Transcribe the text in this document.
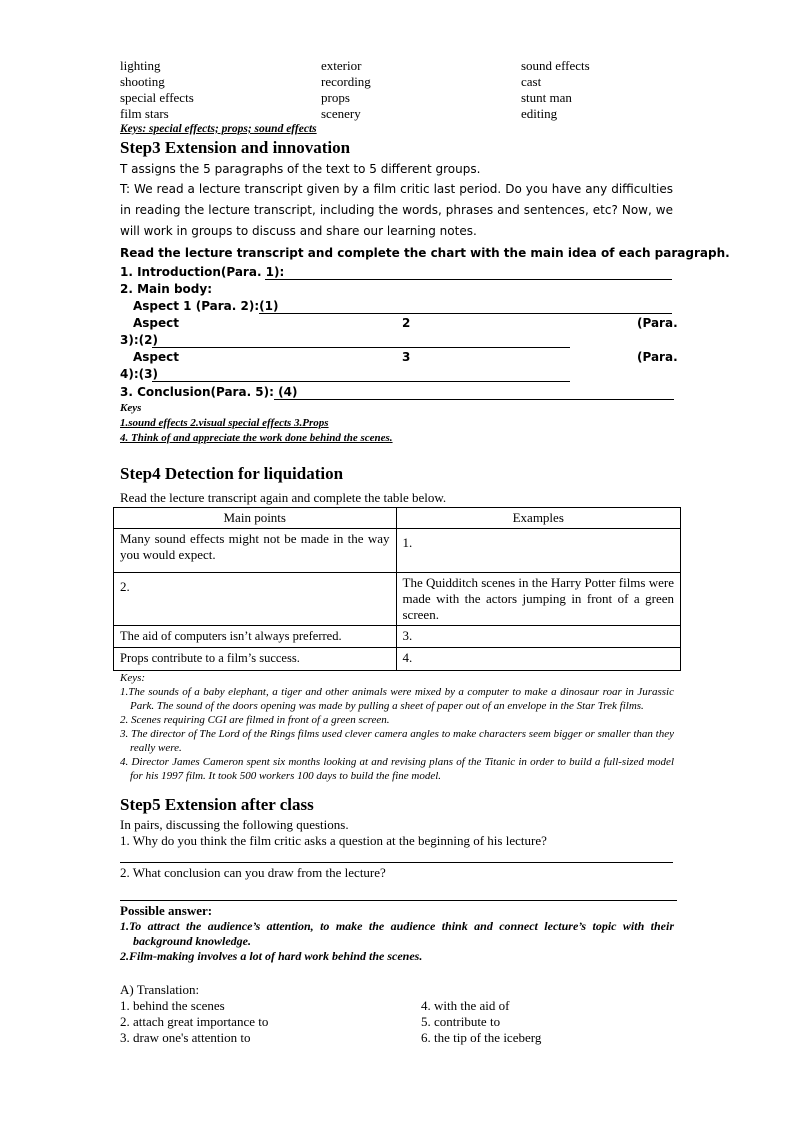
lighting	exterior	sound effects
shooting	recording	cast
special effects	props	stunt man
film stars	scenery	editing
Keys: special effects; props; sound effects
Step3 Extension and innovation
T assigns the 5 paragraphs of the text to 5 different groups.
T: We read a lecture transcript given by a film critic last period. Do you have any difficulties in reading the lecture transcript, including the words, phrases and sentences, etc? Now, we will work in groups to discuss and share our learning notes.
Read the lecture transcript and complete the chart with the main idea of each paragraph.
1. Introduction(Para. 1):
2. Main body:
Aspect 1 (Para. 2):(1)
Aspect	2	(Para.
3):(2)
Aspect	3	(Para.
4):(3)
3. Conclusion(Para. 5): (4)
Keys
1.sound effects 2.visual special effects 3.Props
4. Think of and appreciate the work done behind the scenes.
Step4 Detection for liquidation
Read the lecture transcript again and complete the table below.
Main points	Examples
Many sound effects might not be made in the way you would expect.	1.
2.	The Quidditch scenes in the Harry Potter films were made with the actors jumping in front of a green screen.
The aid of computers isn’t always preferred.	3.
Props contribute to a film’s success.	4.
Keys:
1.The sounds of a baby elephant, a tiger and other animals were mixed by a computer to make a dinosaur roar in Jurassic Park. The sound of the doors opening was made by pulling a sheet of paper out of an envelope in the Star Trek films.
2. Scenes requiring CGI are filmed in front of a green screen.
3. The director of The Lord of the Rings films used clever camera angles to make characters seem bigger or smaller than they really were.
4. Director James Cameron spent six months looking at and revising plans of the Titanic in order to build a full-sized model for his 1997 film. It took 500 workers 100 days to build the fine model.
Step5 Extension after class
In pairs, discussing the following questions.
1. Why do you think the film critic asks a question at the beginning of his lecture?
2. What conclusion can you draw from the lecture?
Possible answer:
1.To attract the audience’s attention, to make the audience think and connect lecture’s topic with their background knowledge.
2.Film-making involves a lot of hard work behind the scenes.
A) Translation:
1. behind the scenes	4. with the aid of
2. attach great importance to	5. contribute to
3. draw one's attention to	6. the tip of the iceberg
